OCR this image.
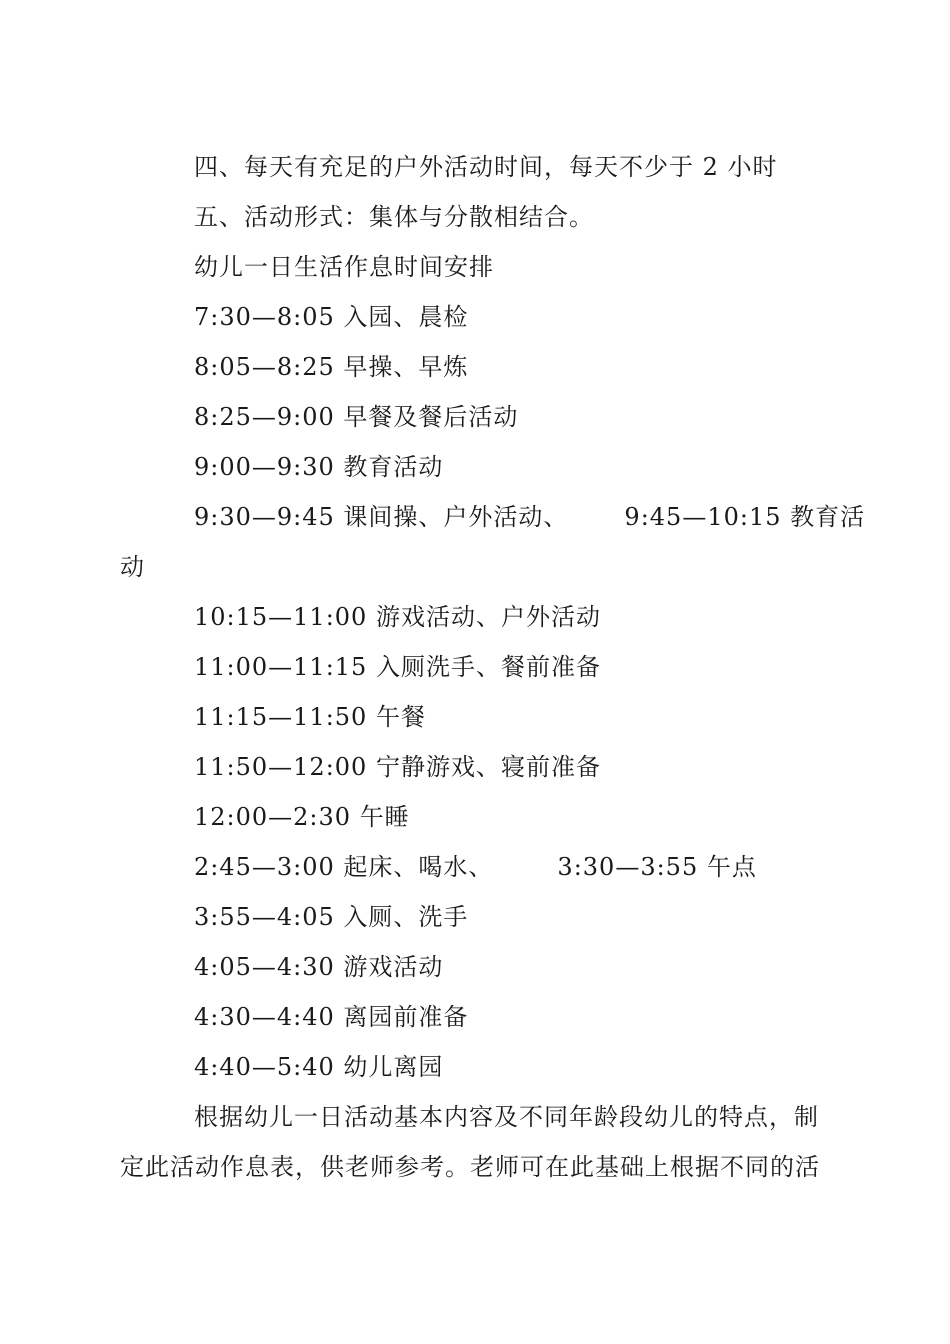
四、每天有充足的户外活动时间，每天不少于 2 小时
五、活动形式：集体与分散相结合。
幼儿一日生活作息时间安排
7:30—8:05 入园、晨检
8:05—8:25 早操、早炼
8:25—9:00 早餐及餐后活动
9:00—9:30 教育活动
9:30—9:45 课间操、户外活动、 9:45—10:15 教育活
动
10:15—11:00 游戏活动、户外活动
11:00—11:15 入厕洗手、餐前准备
11:15—11:50 午餐
11:50—12:00 宁静游戏、寝前准备
12:00—2:30 午睡
2:45—3:00 起床、喝水、	3:30—3:55 午点
3:55—4:05 入厕、洗手
4:05—4:30 游戏活动
4:30—4:40 离园前准备
4:40—5:40 幼儿离园
根据幼儿一日活动基本内容及不同年龄段幼儿的特点，制
定此活动作息表，供老师参考。老师可在此基础上根据不同的活
